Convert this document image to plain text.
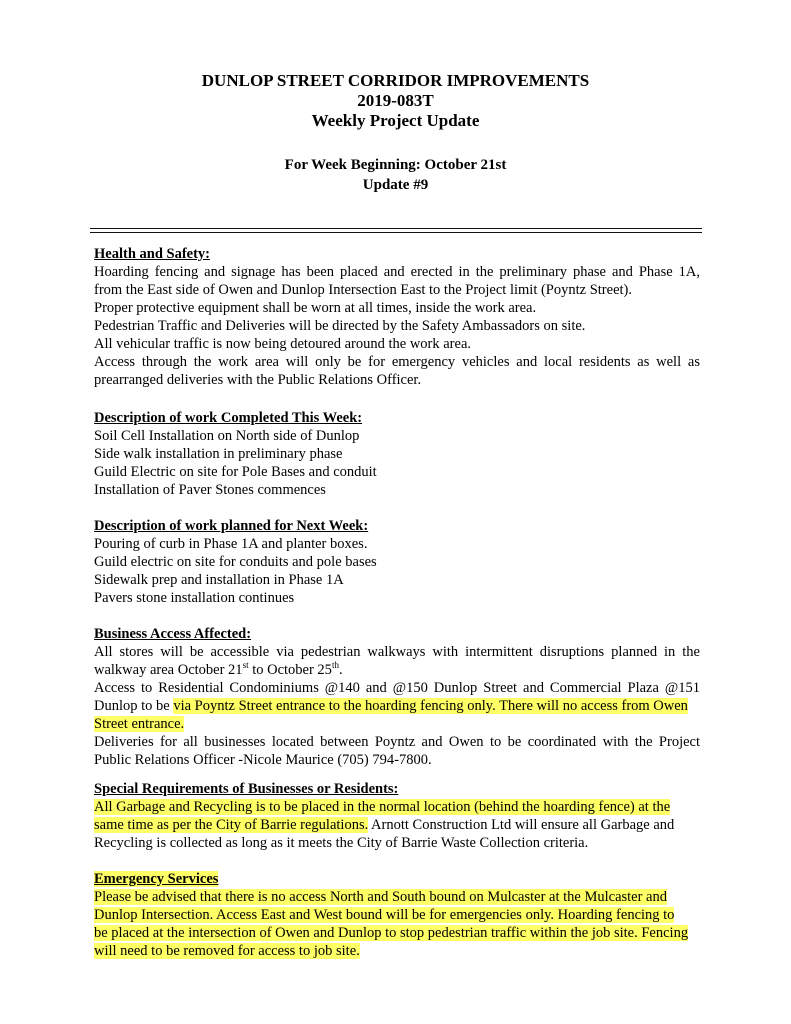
DUNLOP STREET CORRIDOR IMPROVEMENTS
2019-083T
Weekly Project Update
For Week Beginning: October 21st
Update #9
Health and Safety:
Hoarding fencing and signage has been placed and erected in the preliminary phase and Phase 1A,
from the East side of Owen and Dunlop Intersection East to the Project limit (Poyntz Street).
Proper protective equipment shall be worn at all times, inside the work area.
Pedestrian Traffic and Deliveries will be directed by the Safety Ambassadors on site.
All vehicular traffic is now being detoured around the work area.
Access through the work area will only be for emergency vehicles and local residents as well as
prearranged deliveries with the Public Relations Officer.
Description of work Completed This Week:
Soil Cell Installation on North side of Dunlop
Side walk installation in preliminary phase
Guild Electric on site for Pole Bases and conduit
Installation of Paver Stones commences
Description of work planned for Next Week:
Pouring of curb in Phase 1A and planter boxes.
Guild electric on site for conduits and pole bases
Sidewalk prep and installation in Phase 1A
Pavers stone installation continues
Business Access Affected:
All stores will be accessible via pedestrian walkways with intermittent disruptions planned in the
walkway area October 21st to October 25th.
Access to Residential Condominiums @140 and @150 Dunlop Street and Commercial Plaza @151
Dunlop to be via Poyntz Street entrance to the hoarding fencing only. There will no access from Owen
Street entrance.
Deliveries for all businesses located between Poyntz and Owen to be coordinated with the Project
Public Relations Officer -Nicole Maurice (705) 794-7800.
Special Requirements of Businesses or Residents:
All Garbage and Recycling is to be placed in the normal location (behind the hoarding fence) at the
same time as per the City of Barrie regulations. Arnott Construction Ltd will ensure all Garbage and
Recycling is collected as long as it meets the City of Barrie Waste Collection criteria.
Emergency Services
Please be advised that there is no access North and South bound on Mulcaster at the Mulcaster and
Dunlop Intersection. Access East and West bound will be for emergencies only. Hoarding fencing to
be placed at the intersection of Owen and Dunlop to stop pedestrian traffic within the job site. Fencing
will need to be removed for access to job site.
